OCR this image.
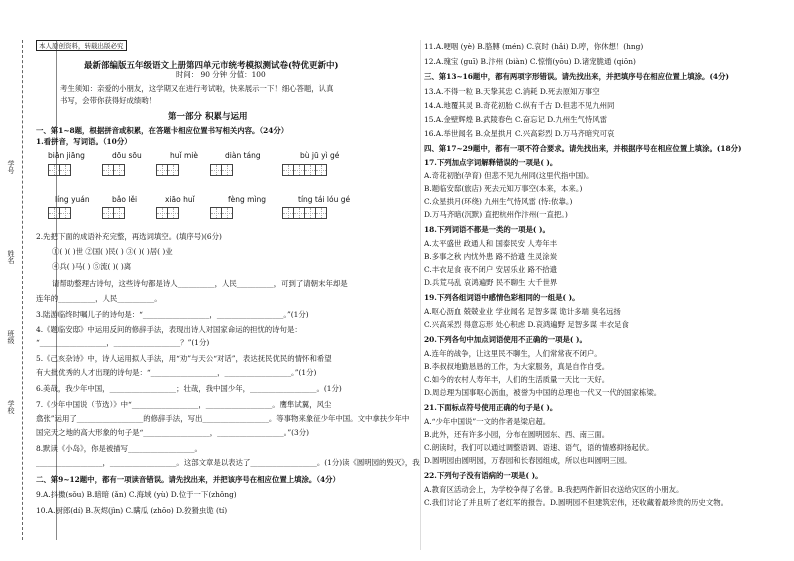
学号
姓名
班级
学校
本人原创资料，转载出版必究
最新部编版五年级语文上册第四单元市统考模拟测试卷(特优更新中)
时间： 90 分钟 分值：100
考生须知：亲爱的小朋友，这学期又在进行考试啦，快来展示一下！细心答题，认真
书写，会带你获得好成绩哟！
第一部分 积累与运用
一、第1~8题，根据拼音或积累，在答题卡相应位置书写相关内容。（24分）
1.看拼音，写词语。（10分）
biān jiāng	dōu sōu	huǐ miè	diàn táng	bù jū yì gé
líng yuán	bǎo lěi	xiāo huǐ	fèng mìng	tíng tái lóu gé
2.先把下面的成语补充完整，再选词填空。(填序号)(6分)
①( )( )世 ②国( )民( ) ③( )( )居( )业
④兵( )马( ) ⑤流( )( )离
请帮助整理古诗句，这些诗句都是诗人__________，人民__________，可到了请朝末年却是
连年的__________，人民__________。
3.陆游临终时嘱儿子的诗句是：“__________________，__________________。”(1分)
4.《题临安邸》中运用反问的修辞手法，表现出诗人对国家命运的担忧的诗句是：
“__________________，__________________？”(1分)
5.《己亥杂诗》中，诗人运用拟人手法，用“劝”与天公“对话”，表达抚民优民的情怀和希望
有大批优秀的人才出现的诗句是：“__________________，__________________。”(1分)
6.美哉，我少年中国，__________________；壮哉，我中国少年，__________________。(1分)
7.《少年中国说（节选）》中“__________________，__________________。鹰隼试翼，风尘
翕张”运用了__________________的修辞手法，写出__________________。等事物来象征少年中国。文中拿扶少年中
国完天之地的高大形象的句子是“__________________，__________________。”(3分)
8.默读《小岛》，你是被描写__________________。
__________________，__________________。这部文章是以表达了__________________。(1分)读《圆明园的毁灭》，我
二、第9~12题中，都有一项读音错误。请先找出来，并把该序号在相应位置上填涂。（4分）
9.A.抖擞(sǒu) B.暗暗 (ǎn) C.海域 (yù) D.位于一下(zhǒng)
10.A.厨郎(dí) B.灰烬(jìn) C.瞒瓜 (zhōo) D.狡猾虫诡 (tí)
11.A.哽咽 (yè) B.胳膊 (mén) C.哀时 (hǎi) D.哼，你休想！(hng)
12.A.瑰宝 (guī) B.汴州 (biàn) C.惊惰(yōu) D.诸宠脆通 (qiōn)
三、第13~16题中，都有两项字形错误。请先找出来，并把填序号在相应位置上填涂。(4分)
13.A.不得一粒 B.天挚其忠 C.消耗 D.死去原知万事空
14.A.地覆其灵 B.奇花初胎 C.纵有千古 D.但悲不见九州同
15.A.金壁辉煌 B.武陵春色 C.奋忘记 D.九州生气恃风雷
16.A.举世闻名 B.众星拱月 C.兴高彩烈 D.万马齐暗究可哀
四、第17~29题中，都有一项不符合要求。请先找出来，并根据序号在相应位置上填涂。(18分)
17.下列加点字词解释错误的一项是( )。
A.奇花初胎(孕育) 但悲不见九州同(这里代指中国)。
B.题临安邸(旅店) 死去元知万事空(本来，本来。)
C.众星拱月(环绕) 九州生气恃风雷 (恃:依靠。)
D.万马齐暗(沉默) 直把杭州作汴州(一直把。)
18.下列词语不都是一类的一项是( )。
A.太平盛世 政通人和 国泰民安 人寿年丰
B.多事之秋 内忧外患 路不拾遗 生灵涂炭
C.丰衣足食 夜不闭户 安居乐业 路不拾遗
D.兵荒马乱 哀鸿遍野 民不聊生 大千世界
19.下列各组词语中感情色彩相同的一组是( )。
A.呕心沥血 兢兢业业 学业闻名 足智多谋 诡计多端 臭名远扬
C.兴高采烈 得意忘形 处心积虑 D.哀鸿遍野 足智多谋 丰衣足食
20.下列各句中加点词语使用不正确的一项是( )。
A.连年的战争，让这里民不聊生，人们常常夜不闭户。
B.李叔叔地勤恳恳的工作，为大家服务，真是自作自受。
C.如今的农村人寿年丰，人们的生活质量一天比一天好。
D.周总理为国事呕心沥血，被誉为中国的总理也一代又一代的国家栋梁。
21.下面标点符号使用正确的句子是( )。
A.“少年中国说”一文的作者是梁启超。
B.此外，还有许多小园，分布在圆明园东、西、南三面。
C.朗读时，我们可以通过调整语调、语速、语气，语的情感抑扬起伏。
D.圆明园由圆明园，万春园和长春园组成，所以也叫圆明三园。
22.下列句子没有语病的一项是( )。
A.教育区活动会上，为学校争得了名誉。B.我把两件新旧衣送给灾区的小朋友。
C.我们讨论了并且听了老红军的报告。D.圆明园不但建筑宏伟，还收藏着最珍贵的历史文物。
